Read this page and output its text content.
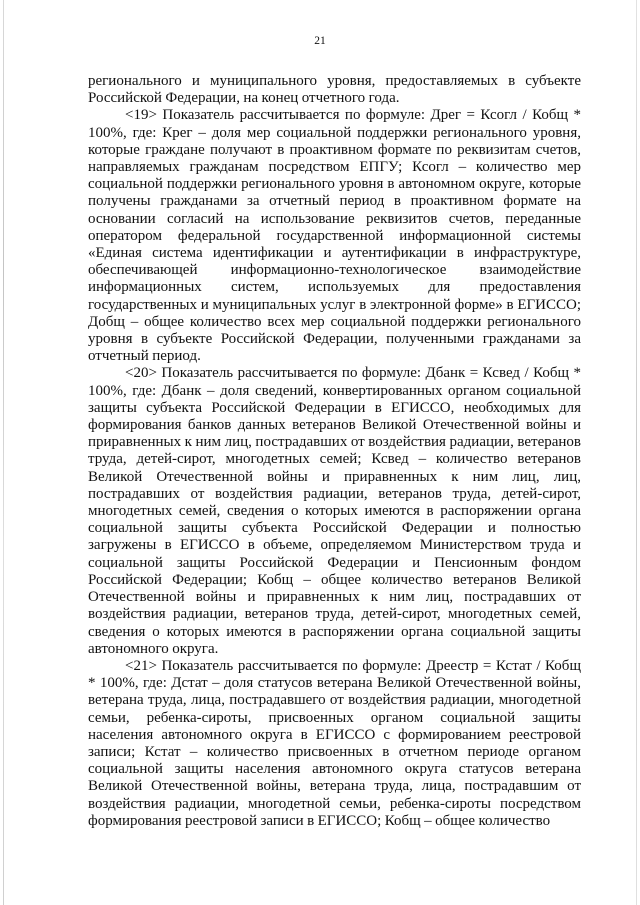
21

регионального и муниципального уровня, предоставляемых в субъекте Российской Федерации, на конец отчетного года.

<19> Показатель рассчитывается по формуле: Дрег = Ксогл / Кобщ * 100%, где: Крег – доля мер социальной поддержки регионального уровня, которые граждане получают в проактивном формате по реквизитам счетов, направляемых гражданам посредством ЕПГУ; Ксогл – количество мер социальной поддержки регионального уровня в автономном округе, которые получены гражданами за отчетный период в проактивном формате на основании согласий на использование реквизитов счетов, переданные оператором федеральной государственной информационной системы «Единая система идентификации и аутентификации в инфраструктуре, обеспечивающей информационно-технологическое взаимодействие информационных систем, используемых для предоставления государственных и муниципальных услуг в электронной форме» в ЕГИССО; Добщ – общее количество всех мер социальной поддержки регионального уровня в субъекте Российской Федерации, полученными гражданами за отчетный период.

<20> Показатель рассчитывается по формуле: Дбанк = Ксвед / Кобщ * 100%, где: Дбанк – доля сведений, конвертированных органом социальной защиты субъекта Российской Федерации в ЕГИССО, необходимых для формирования банков данных ветеранов Великой Отечественной войны и приравненных к ним лиц, пострадавших от воздействия радиации, ветеранов труда, детей-сирот, многодетных семей; Ксвед – количество ветеранов Великой Отечественной войны и приравненных к ним лиц, лиц, пострадавших от воздействия радиации, ветеранов труда, детей-сирот, многодетных семей, сведения о которых имеются в распоряжении органа социальной защиты субъекта Российской Федерации и полностью загружены в ЕГИССО в объеме, определяемом Министерством труда и социальной защиты Российской Федерации и Пенсионным фондом Российской Федерации; Кобщ – общее количество ветеранов Великой Отечественной войны и приравненных к ним лиц, пострадавших от воздействия радиации, ветеранов труда, детей-сирот, многодетных семей, сведения о которых имеются в распоряжении органа социальной защиты автономного округа.

<21> Показатель рассчитывается по формуле: Дреестр = Кстат / Кобщ * 100%, где: Дстат – доля статусов ветерана Великой Отечественной войны, ветерана труда, лица, пострадавшего от воздействия радиации, многодетной семьи, ребенка-сироты, присвоенных органом социальной защиты населения автономного округа в ЕГИССО с формированием реестровой записи; Кстат – количество присвоенных в отчетном периоде органом социальной защиты населения автономного округа статусов ветерана Великой Отечественной войны, ветерана труда, лица, пострадавшим от воздействия радиации, многодетной семьи, ребенка-сироты посредством формирования реестровой записи в ЕГИССО; Кобщ – общее количество
